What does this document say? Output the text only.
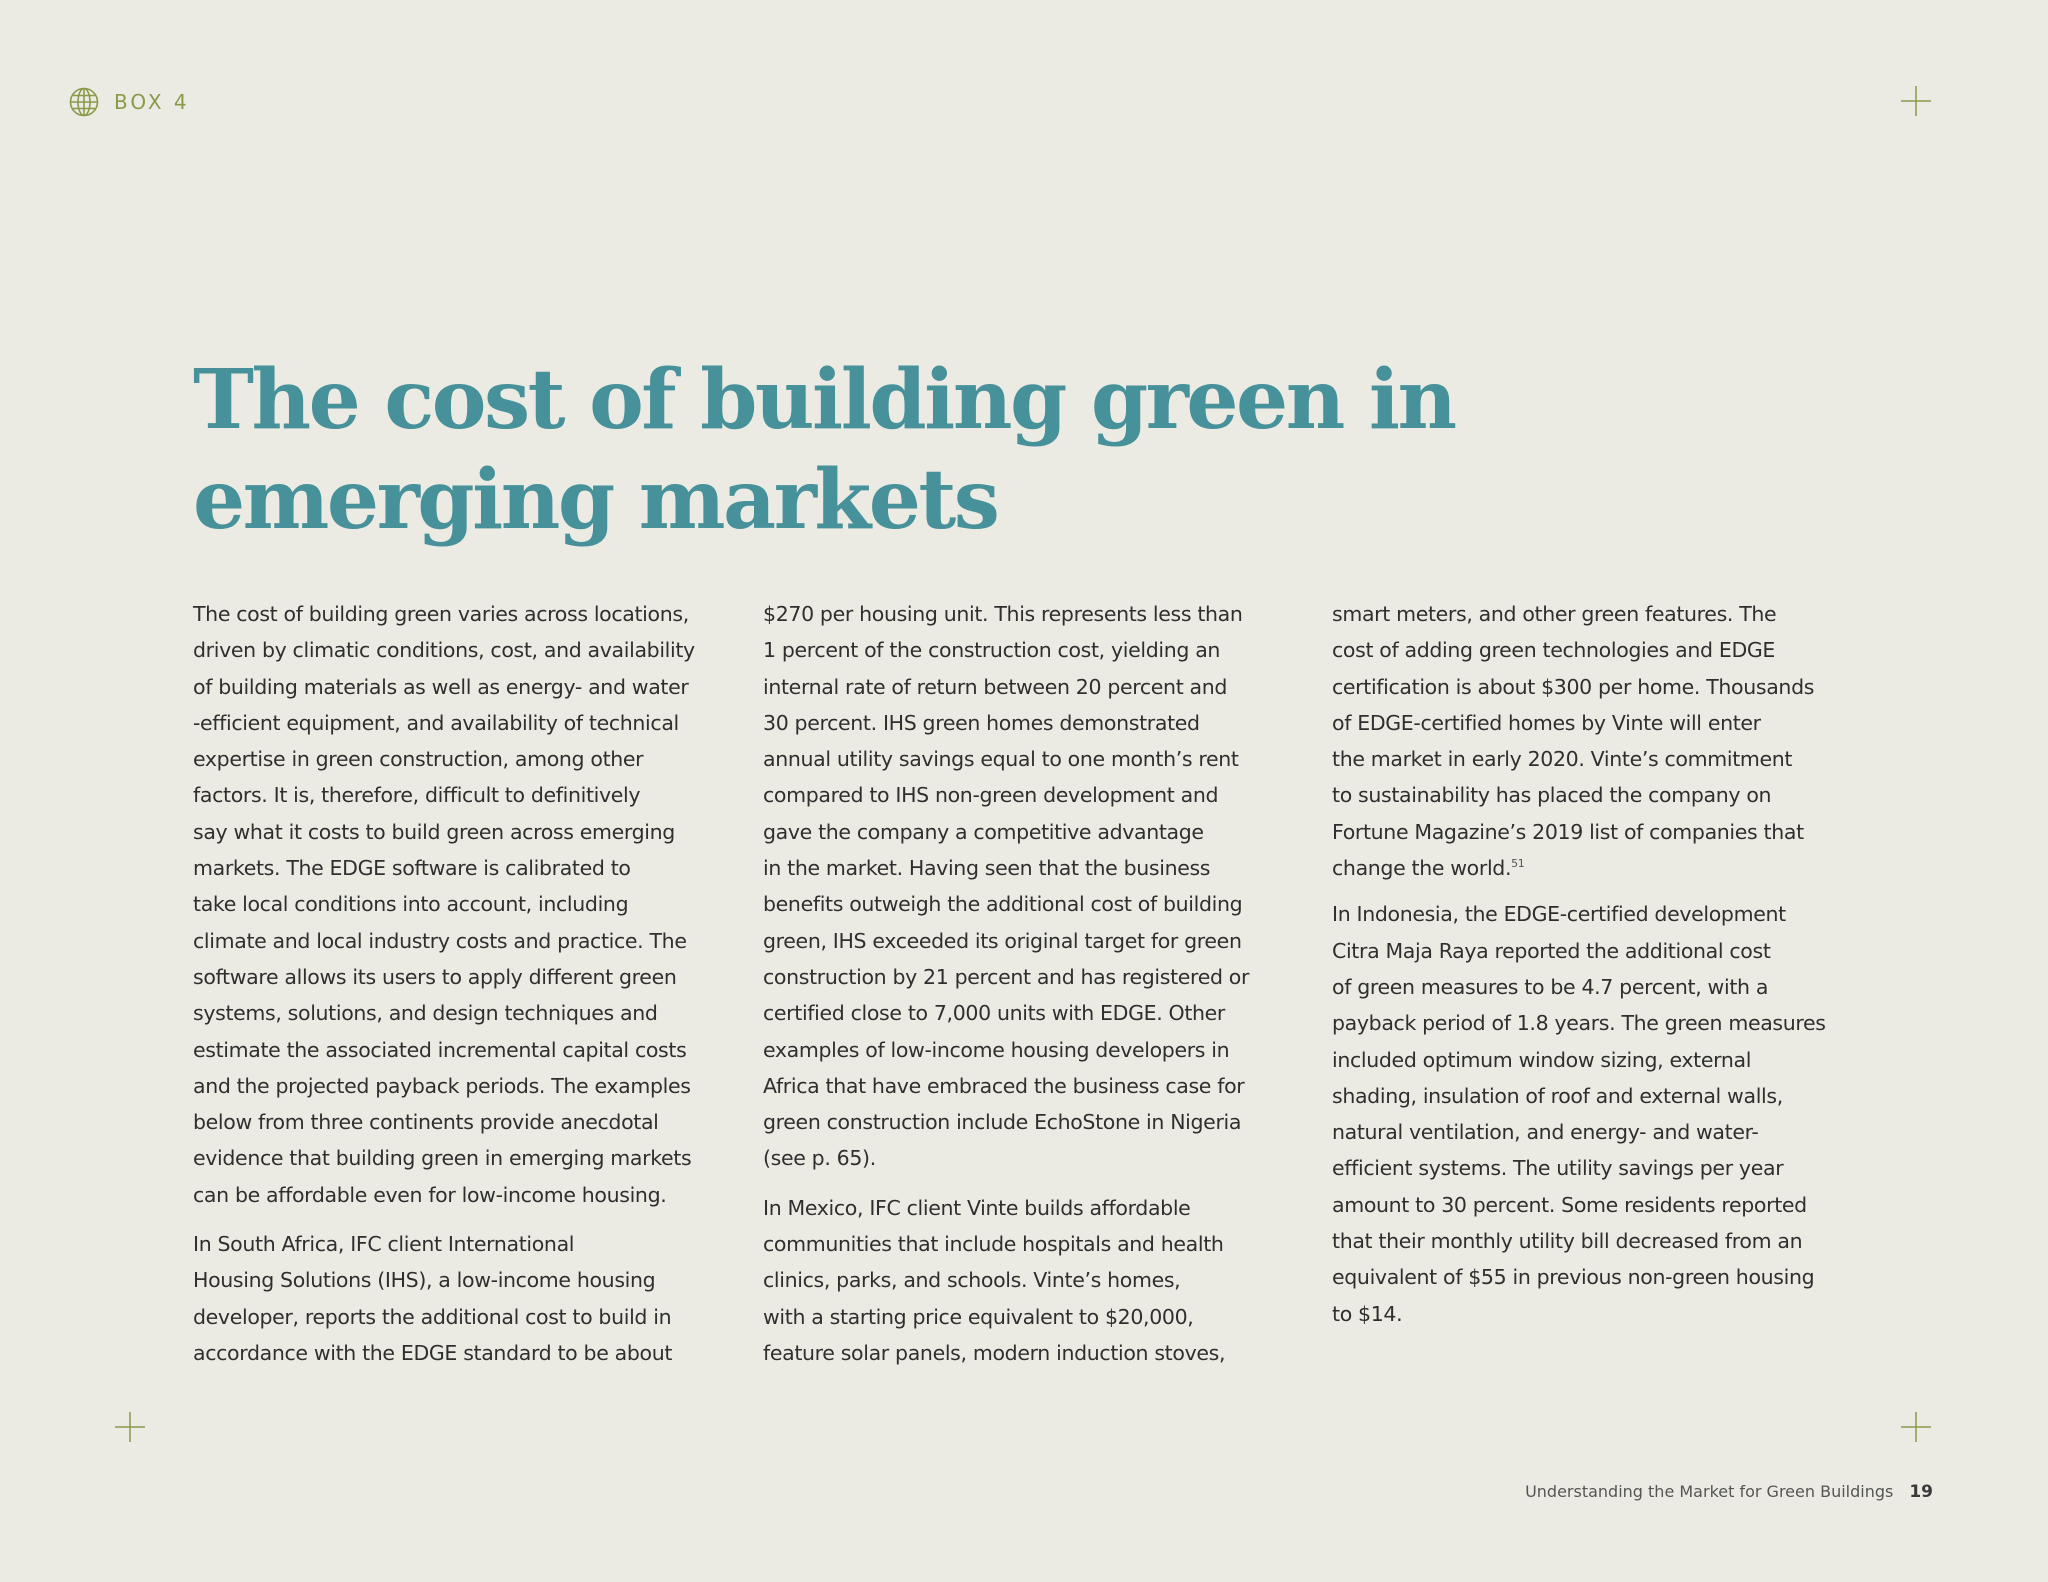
BOX 4
The cost of building green in
emerging markets

The cost of building green varies across locations,
driven by climatic conditions, cost, and availability
of building materials as well as energy- and water
-efficient equipment, and availability of technical
expertise in green construction, among other
factors. It is, therefore, difficult to definitively
say what it costs to build green across emerging
markets. The EDGE software is calibrated to
take local conditions into account, including
climate and local industry costs and practice. The
software allows its users to apply different green
systems, solutions, and design techniques and
estimate the associated incremental capital costs
and the projected payback periods. The examples
below from three continents provide anecdotal
evidence that building green in emerging markets
can be affordable even for low-income housing.

In South Africa, IFC client International
Housing Solutions (IHS), a low-income housing
developer, reports the additional cost to build in
accordance with the EDGE standard to be about

$270 per housing unit. This represents less than
1 percent of the construction cost, yielding an
internal rate of return between 20 percent and
30 percent. IHS green homes demonstrated
annual utility savings equal to one month’s rent
compared to IHS non-green development and
gave the company a competitive advantage
in the market. Having seen that the business
benefits outweigh the additional cost of building
green, IHS exceeded its original target for green
construction by 21 percent and has registered or
certified close to 7,000 units with EDGE. Other
examples of low-income housing developers in
Africa that have embraced the business case for
green construction include EchoStone in Nigeria
(see p. 65).

In Mexico, IFC client Vinte builds affordable
communities that include hospitals and health
clinics, parks, and schools. Vinte’s homes,
with a starting price equivalent to $20,000,
feature solar panels, modern induction stoves,

smart meters, and other green features. The
cost of adding green technologies and EDGE
certification is about $300 per home. Thousands
of EDGE-certified homes by Vinte will enter
the market in early 2020. Vinte’s commitment
to sustainability has placed the company on
Fortune Magazine’s 2019 list of companies that
change the world.$^{51}$

In Indonesia, the EDGE-certified development
Citra Maja Raya reported the additional cost
of green measures to be 4.7 percent, with a
payback period of 1.8 years. The green measures
included optimum window sizing, external
shading, insulation of roof and external walls,
natural ventilation, and energy- and water-
efficient systems. The utility savings per year
amount to 30 percent. Some residents reported
that their monthly utility bill decreased from an
equivalent of $55 in previous non-green housing
to $14.

Understanding the Market for Green Buildings 19
